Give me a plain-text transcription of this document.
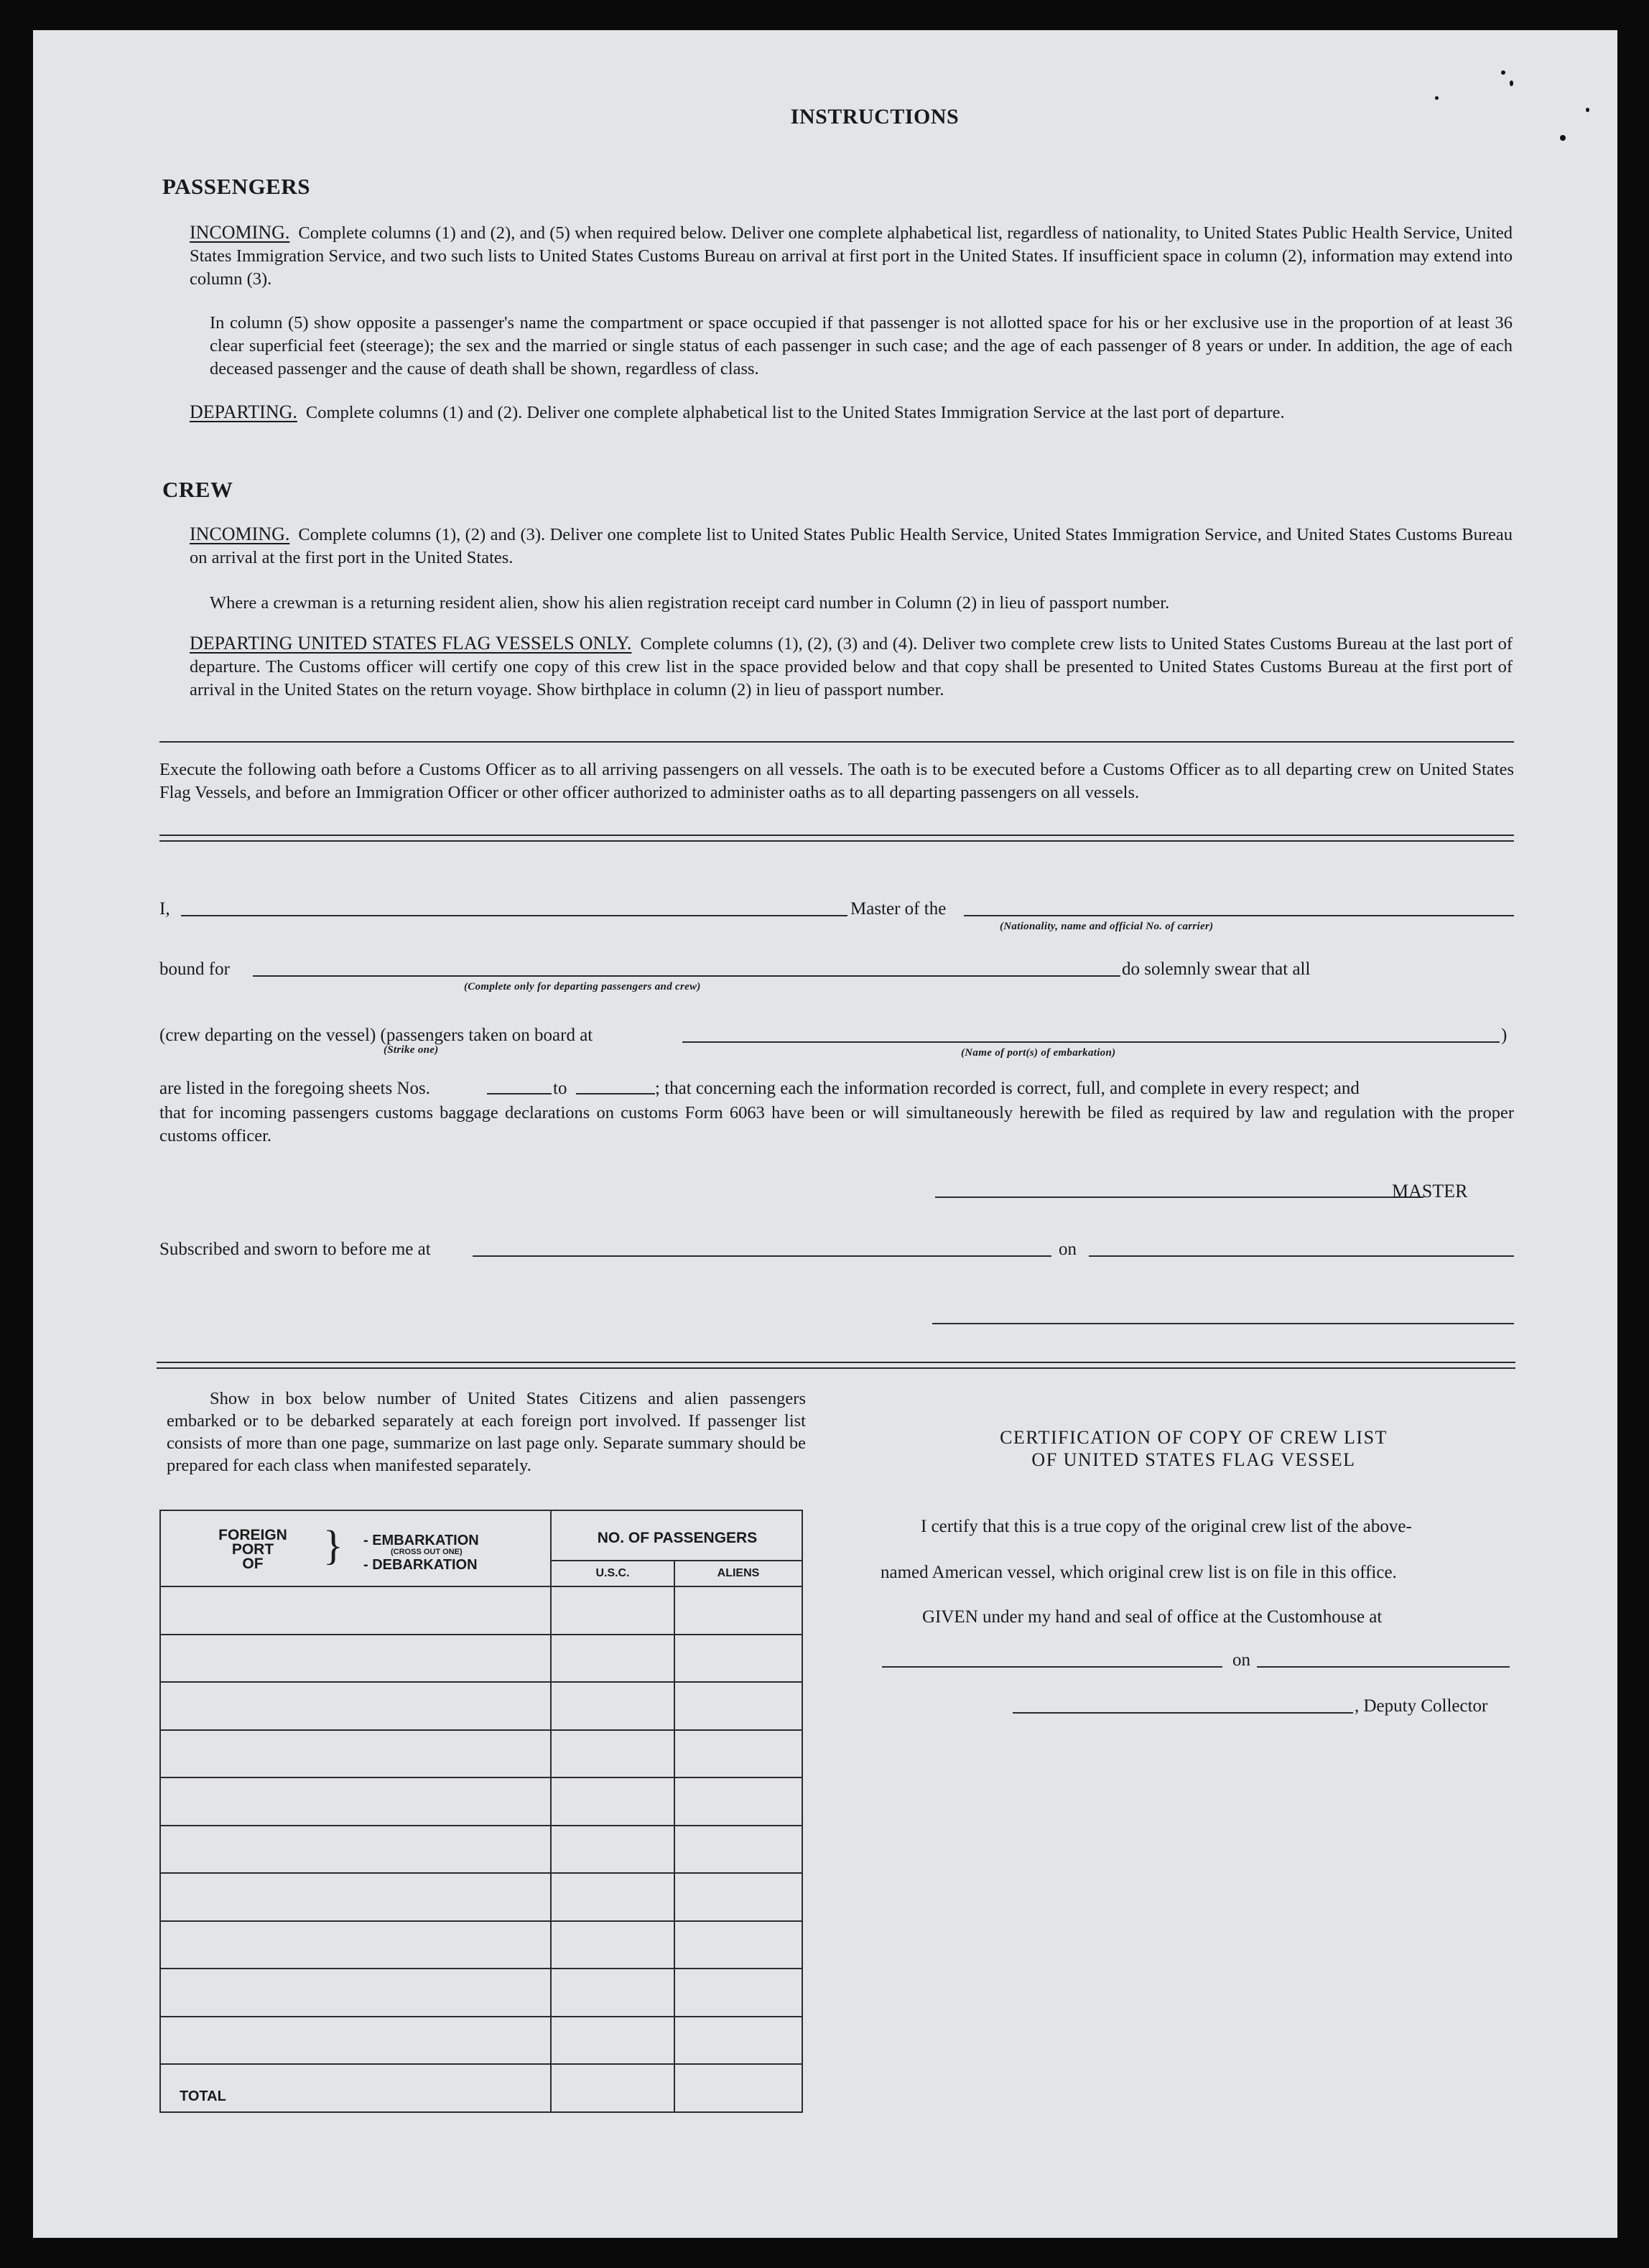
INSTRUCTIONS
PASSENGERS
INCOMING. Complete columns (1) and (2), and (5) when required below. Deliver one complete alphabetical list, regardless of nationality, to United States Public Health Service, United States Immigration Service, and two such lists to United States Customs Bureau on arrival at first port in the United States. If insufficient space in column (2), information may extend into column (3).
In column (5) show opposite a passenger's name the compartment or space occupied if that passenger is not allotted space for his or her exclusive use in the proportion of at least 36 clear superficial feet (steerage); the sex and the married or single status of each passenger in such case; and the age of each passenger of 8 years or under. In addition, the age of each deceased passenger and the cause of death shall be shown, regardless of class.
DEPARTING. Complete columns (1) and (2). Deliver one complete alphabetical list to the United States Immigration Service at the last port of departure.
CREW
INCOMING. Complete columns (1), (2) and (3). Deliver one complete list to United States Public Health Service, United States Immigration Service, and United States Customs Bureau on arrival at the first port in the United States.
Where a crewman is a returning resident alien, show his alien registration receipt card number in Column (2) in lieu of passport number.
DEPARTING UNITED STATES FLAG VESSELS ONLY. Complete columns (1), (2), (3) and (4). Deliver two complete crew lists to United States Customs Bureau at the last port of departure. The Customs officer will certify one copy of this crew list in the space provided below and that copy shall be presented to United States Customs Bureau at the first port of arrival in the United States on the return voyage. Show birthplace in column (2) in lieu of passport number.
Execute the following oath before a Customs Officer as to all arriving passengers on all vessels. The oath is to be executed before a Customs Officer as to all departing crew on United States Flag Vessels, and before an Immigration Officer or other officer authorized to administer oaths as to all departing passengers on all vessels.
I,	Master of the
(Nationality, name and official No. of carrier)
bound for
(Complete only for departing passengers and crew)
do solemnly swear that all
(crew departing on the vessel) (passengers taken on board at
(Strike one)	(Name of port(s) of embarkation)
)
are listed in the foregoing sheets Nos.	to	; that concerning each the information recorded is correct, full, and complete in every respect; and
that for incoming passengers customs baggage declarations on customs Form 6063 have been or will simultaneously herewith be filed as required by law and regulation with the proper customs officer.
MASTER
Subscribed and sworn to before me at	on
Show in box below number of United States Citizens and alien passengers embarked or to be debarked separately at each foreign port involved. If passenger list consists of more than one page, summarize on last page only. Separate summary should be prepared for each class when manifested separately.
FOREIGN
PORT
OF	} - EMBARKATION
(CROSS OUT ONE)
- DEBARKATION
NO. OF PASSENGERS
U.S.C.	ALIENS
TOTAL
CERTIFICATION OF COPY OF CREW LIST
OF UNITED STATES FLAG VESSEL
I certify that this is a true copy of the original crew list of the above-
named American vessel, which original crew list is on file in this office.
GIVEN under my hand and seal of office at the Customhouse at
on
, Deputy Collector
